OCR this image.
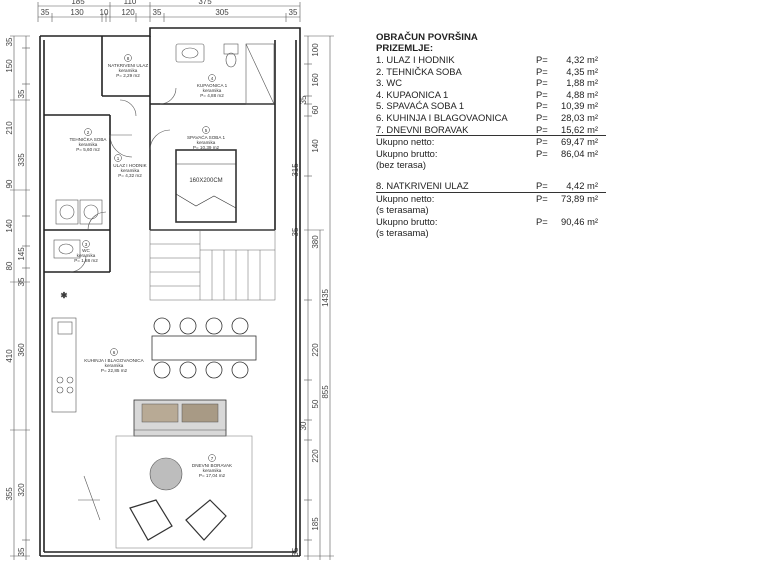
185	110	375
35	130 10 120 35	305	35
35
150
35
210
335
90
140
145
80
35
410 360
355 320
35
100
160
35
60
140
315
35
380
220
50
30
220
185
35
855
1435
160X200CM
✱
8
NATKRIVENI ULAZ
keramika
P= 2,29 m2
4
KUPAONICA 1
keramika
P= 4,88 m2
2
TEHNIČKA SOBA
keramika
P= 5,60 m2
5
SPAVAĆA SOBA 1
keramika
P= 10,39 m2
1
ULAZ I HODNIK
keramika
P= 4,32 m2
3
WC
keramika
P= 1,88 m2
6
KUHINJA I BLAGOVAONICA
keramika
P= 22,85 m2
7
DNEVNI BORAVAK
keramika
P= 17,04 m2
OBRAČUN POVRŠINA
PRIZEMLJE:
1. ULAZ I HODNIK	P= 4,32 m²
2. TEHNIČKA SOBA	P= 4,35 m²
3. WC	P= 1,88 m²
4. KUPAONICA 1	P= 4,88 m²
5. SPAVAĆA SOBA 1	P= 10,39 m²
6. KUHINJA I BLAGOVAONICA	P= 28,03 m²
7. DNEVNI BORAVAK	P= 15,62 m²
Ukupno netto:	P= 69,47 m²
Ukupno brutto:	P= 86,04 m²
(bez terasa)
8. NATKRIVENI ULAZ	P= 4,42 m²
Ukupno netto:	P= 73,89 m²
(s terasama)
Ukupno brutto:	P= 90,46 m²
(s terasama)
